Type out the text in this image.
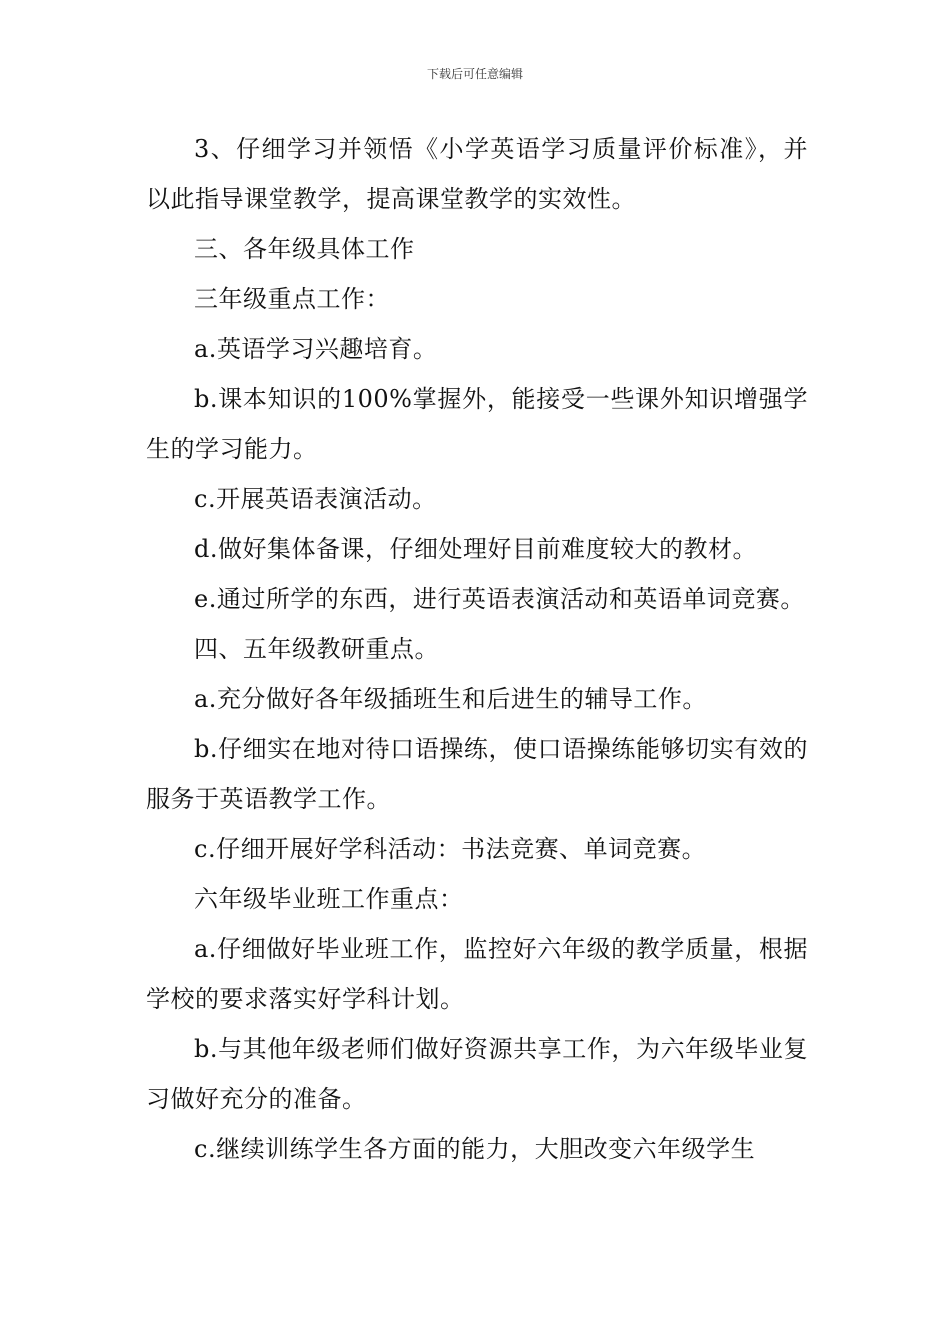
下载后可任意编辑

3、仔细学习并领悟《小学英语学习质量评价标准》，并以此指导课堂教学，提高课堂教学的实效性。

三、各年级具体工作

三年级重点工作：

a.英语学习兴趣培育。

b.课本知识的100%掌握外，能接受一些课外知识增强学生的学习能力。

c.开展英语表演活动。

d.做好集体备课，仔细处理好目前难度较大的教材。

e.通过所学的东西，进行英语表演活动和英语单词竞赛。

四、五年级教研重点。

a.充分做好各年级插班生和后进生的辅导工作。

b.仔细实在地对待口语操练，使口语操练能够切实有效的服务于英语教学工作。

c.仔细开展好学科活动：书法竞赛、单词竞赛。

六年级毕业班工作重点：

a.仔细做好毕业班工作，监控好六年级的教学质量，根据学校的要求落实好学科计划。

b.与其他年级老师们做好资源共享工作，为六年级毕业复习做好充分的准备。

c.继续训练学生各方面的能力，大胆改变六年级学生
